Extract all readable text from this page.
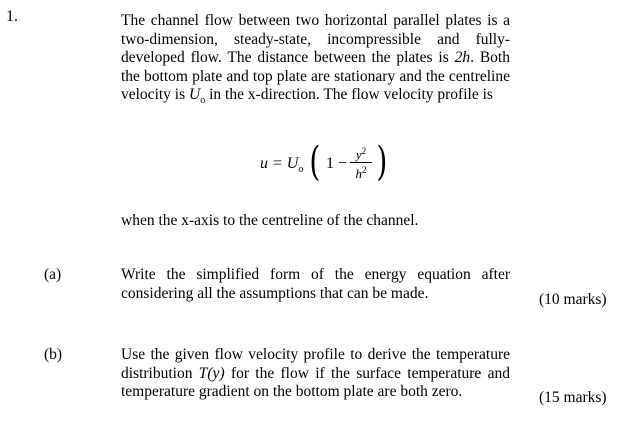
1.	The channel flow between two horizontal parallel plates is a two-dimension, steady-state, incompressible and fully-developed flow. The distance between the plates is 2h. Both the bottom plate and top plate are stationary and the centreline velocity is $U_o$ in the x-direction. The flow velocity profile is
$u = U_o$ ( $1 - \frac{y^2}{h^2}$ )
when the x-axis to the centreline of the channel.
(a)	Write the simplified form of the energy equation after considering all the assumptions that can be made.	(10 marks)
(b)	Use the given flow velocity profile to derive the temperature distribution T(y) for the flow if the surface temperature and temperature gradient on the bottom plate are both zero.	(15 marks)
